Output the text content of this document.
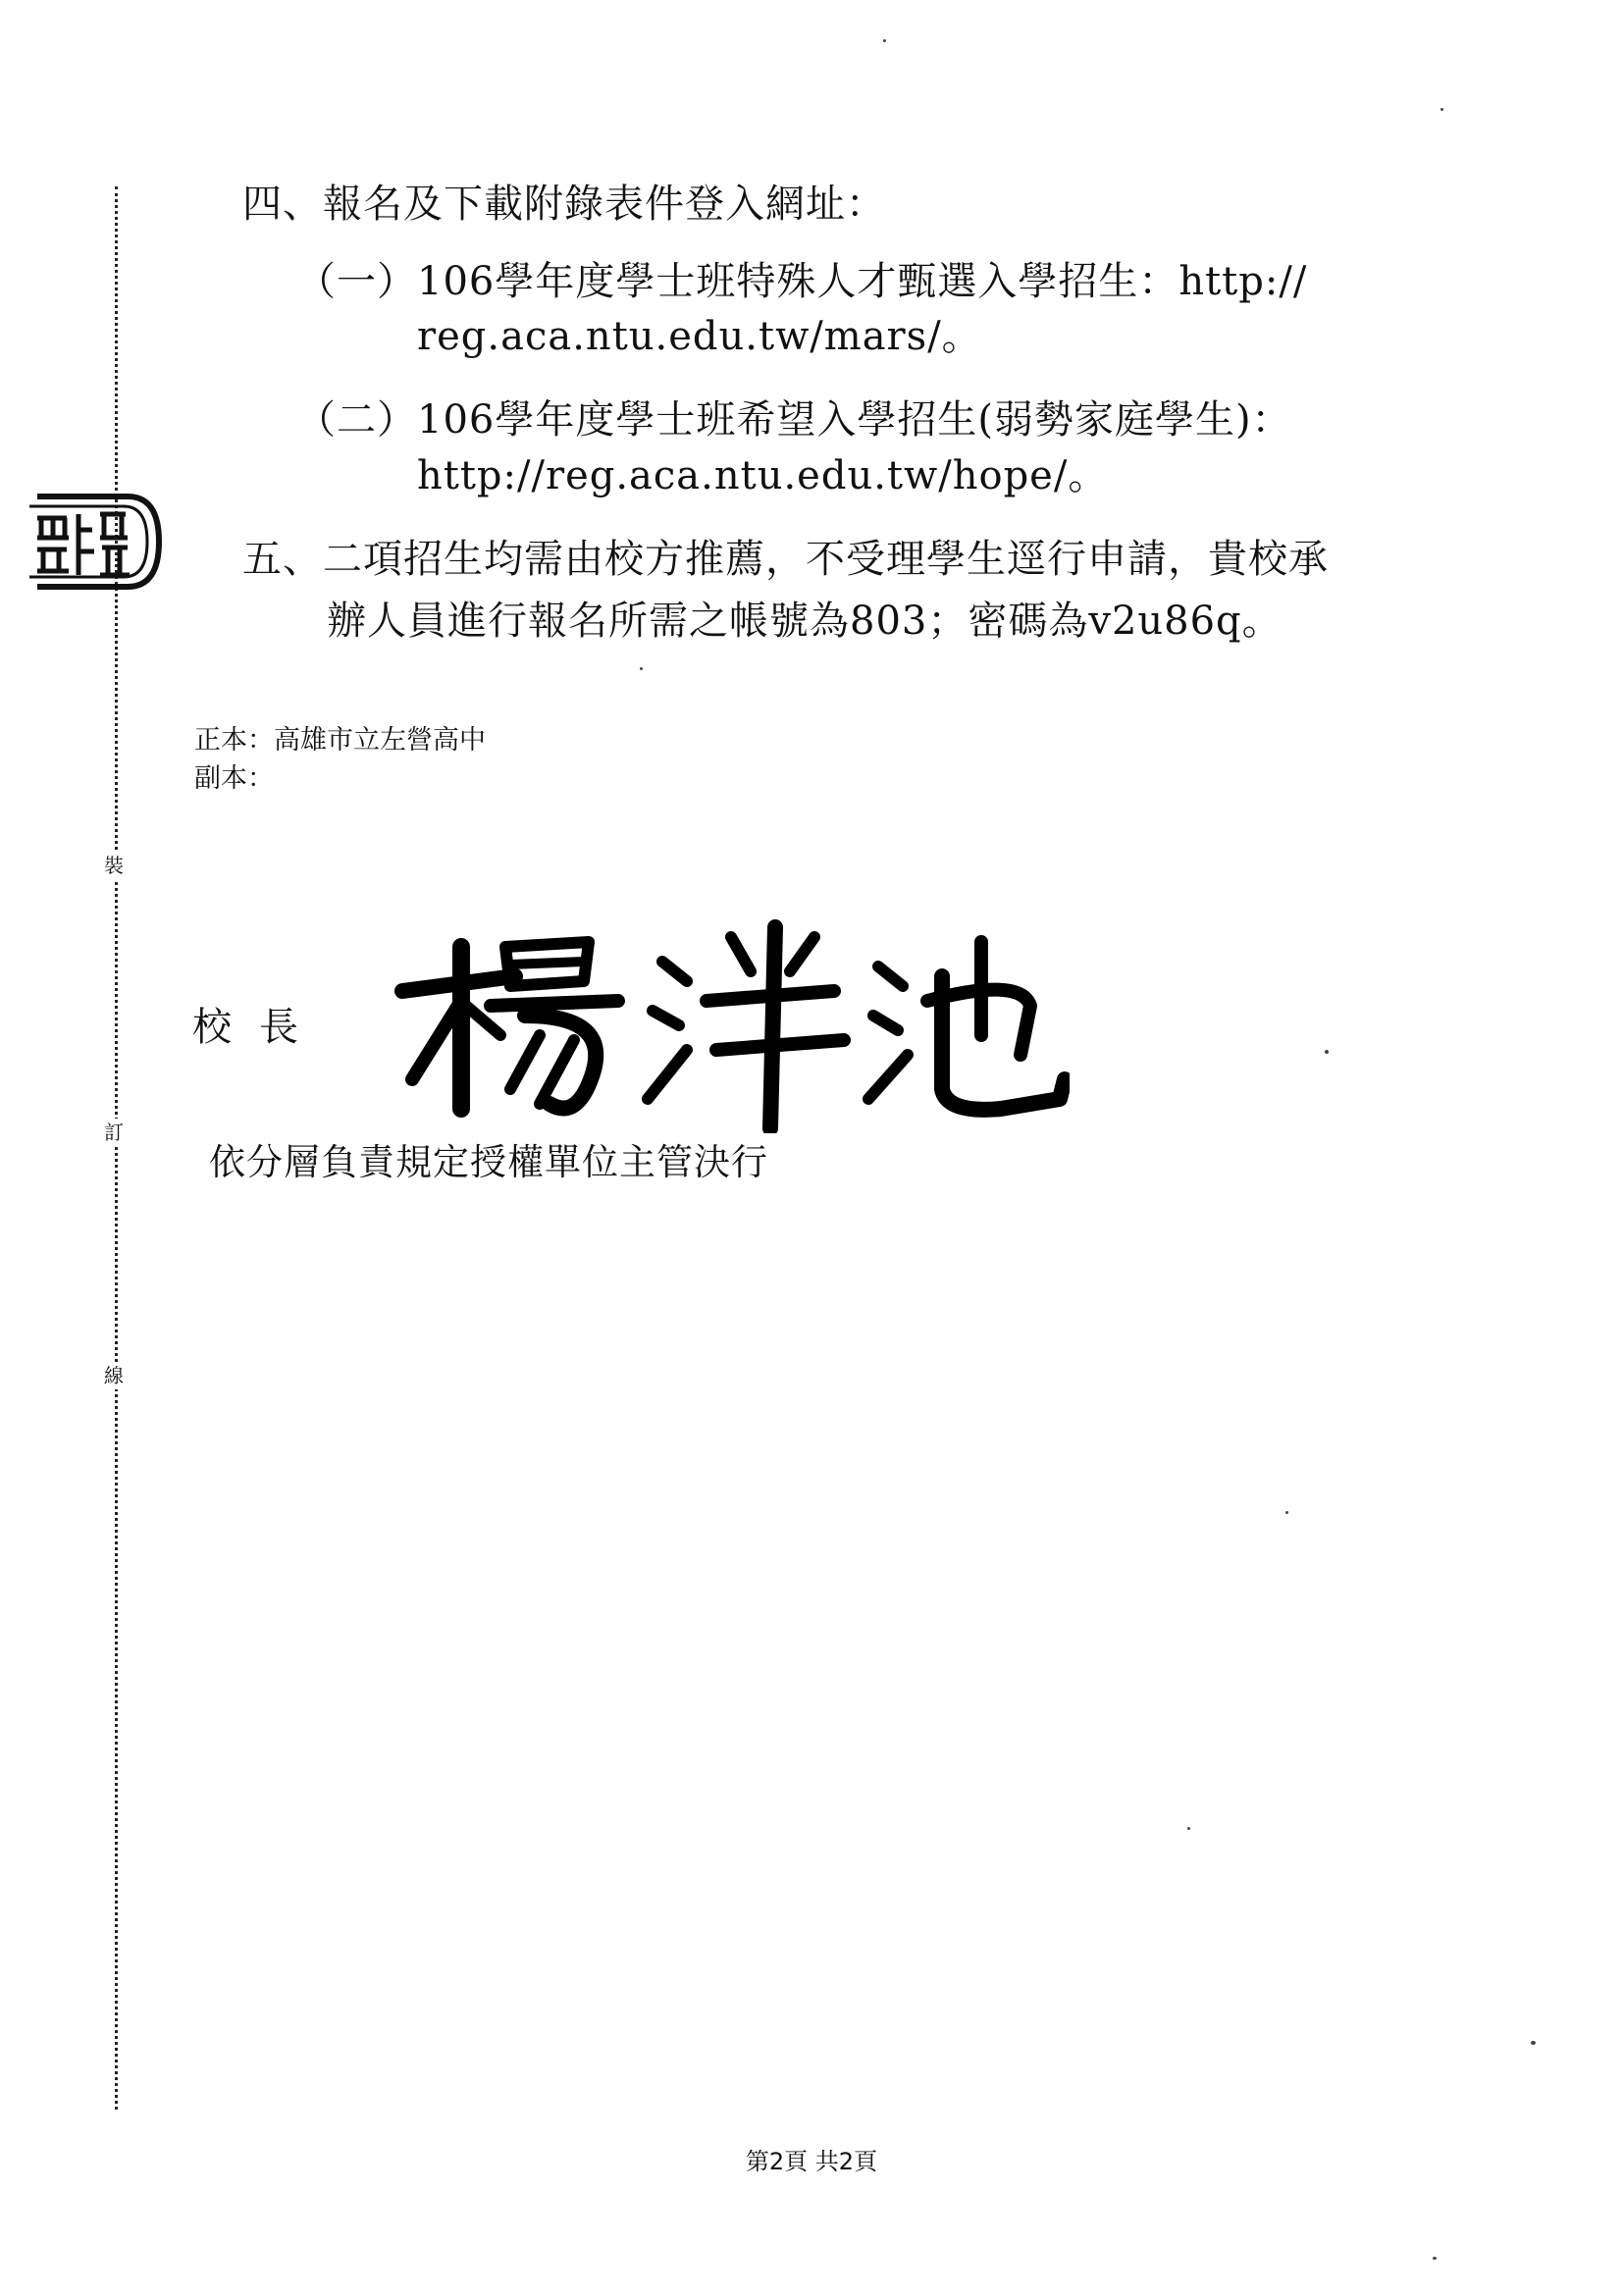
裝
訂
線
四、報名及下載附錄表件登入網址：
（一）106學年度學士班特殊人才甄選入學招生：http://
reg.aca.ntu.edu.tw/mars/。
（二）106學年度學士班希望入學招生(弱勢家庭學生)：
http://reg.aca.ntu.edu.tw/hope/。
五、二項招生均需由校方推薦，不受理學生逕行申請，貴校承
辦人員進行報名所需之帳號為803；密碼為v2u86q。
正本：高雄市立左營高中
副本：
校長
依分層負責規定授權單位主管決行
第2頁 共2頁
